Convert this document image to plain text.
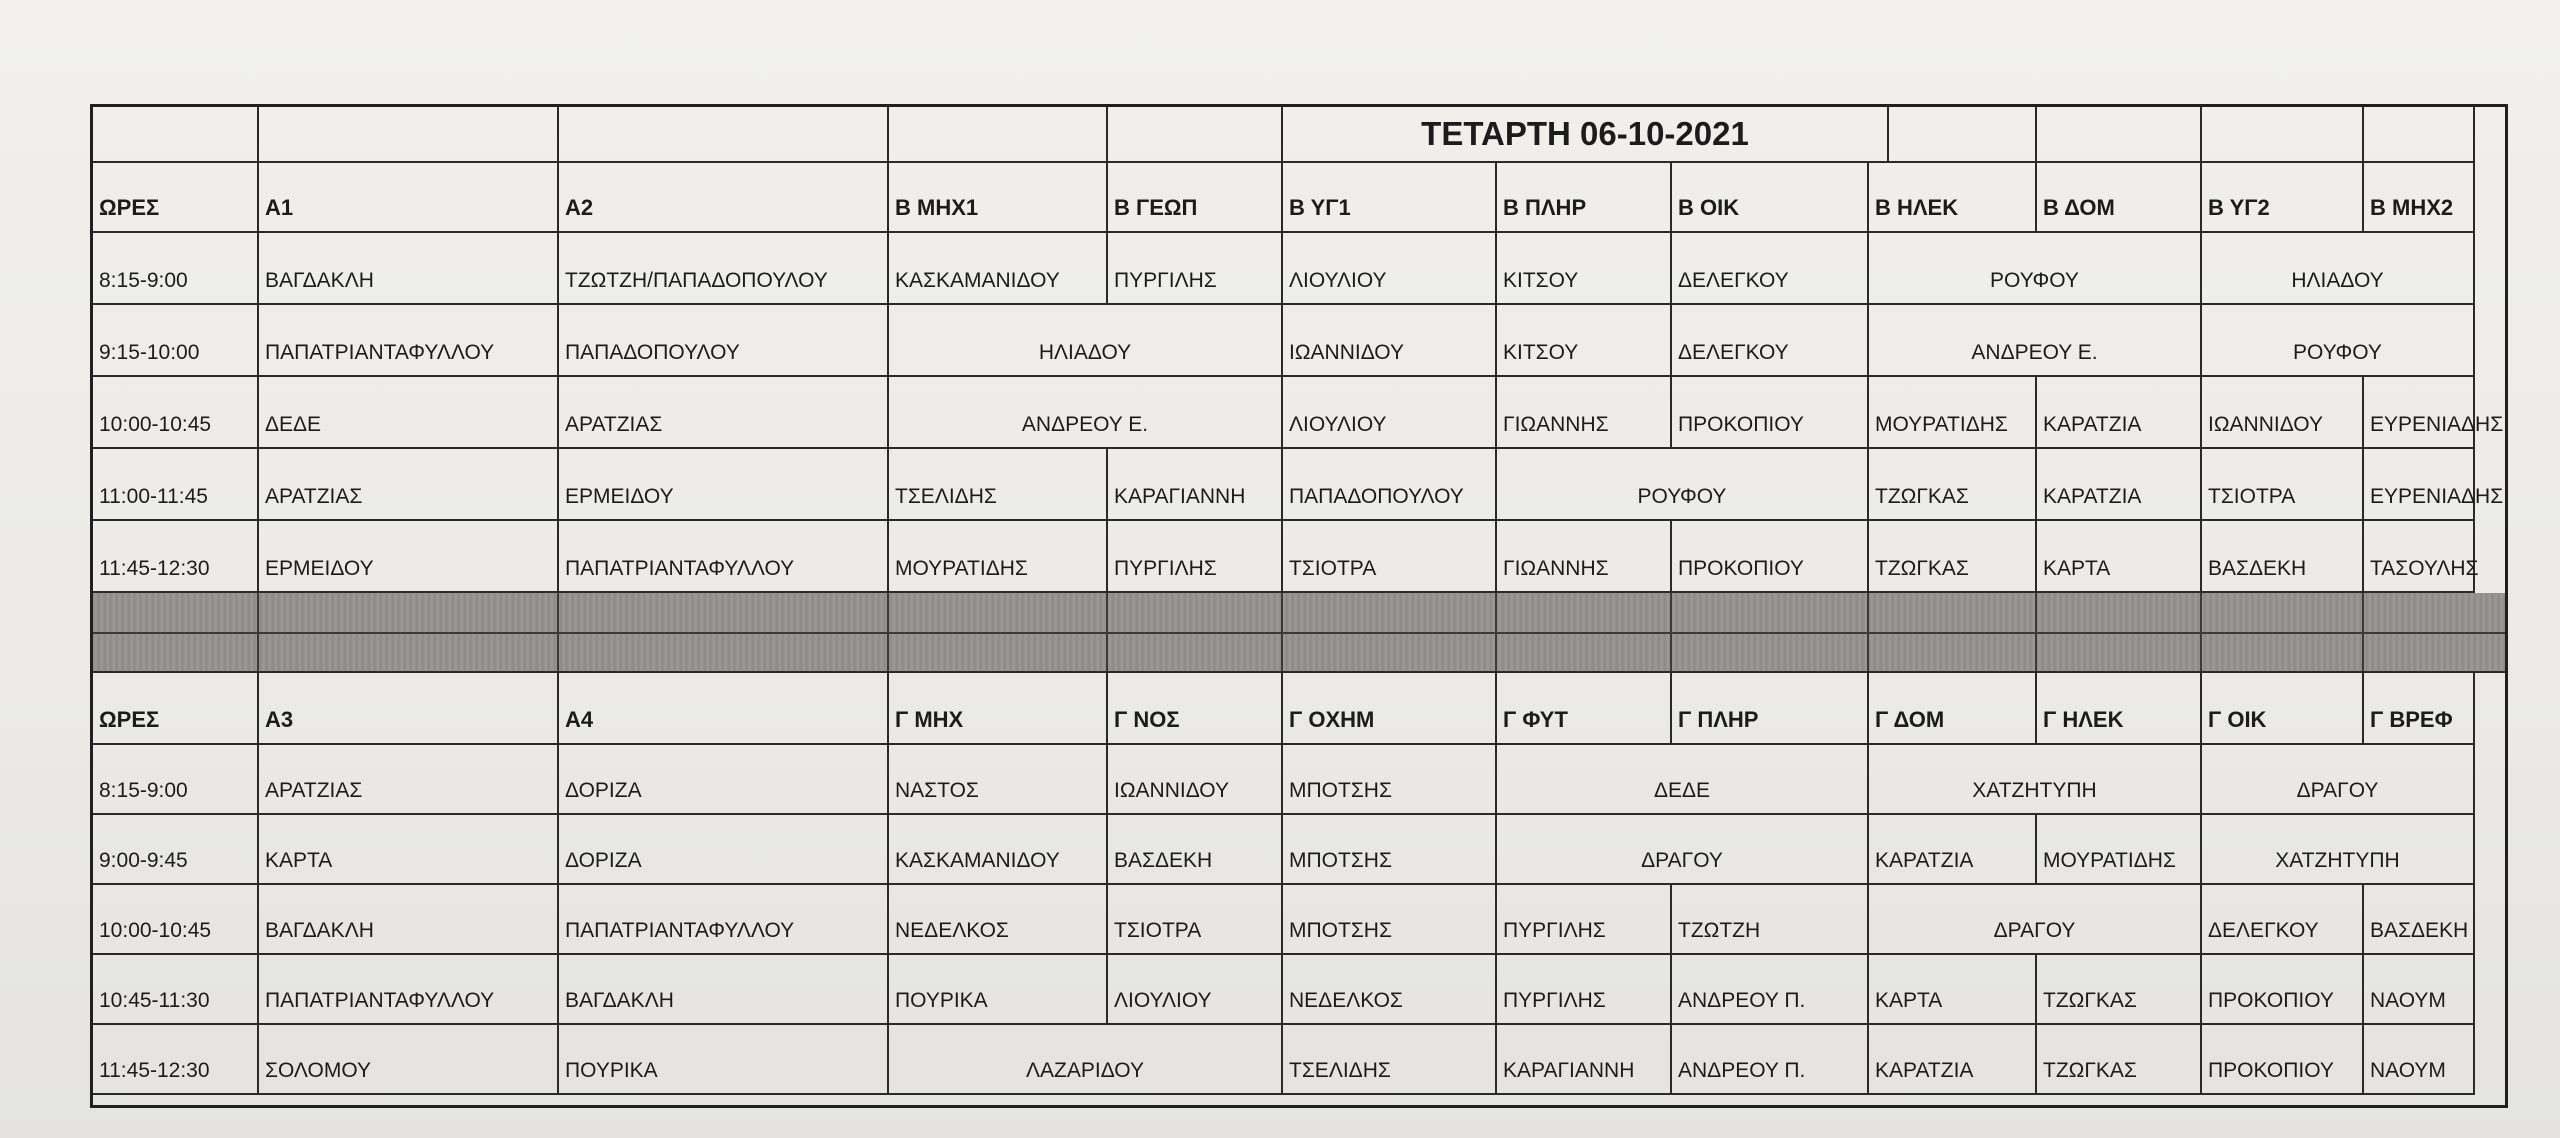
ΤΕΤΑΡΤΗ 06-10-2021
ΩΡΕΣ	Α1	Α2	Β ΜΗΧ1	Β ΓΕΩΠ	Β ΥΓ1	Β ΠΛΗΡ	Β ΟΙΚ	Β ΗΛΕΚ	Β ΔΟΜ	Β ΥΓ2	Β ΜΗΧ2
8:15-9:00	ΒΑΓΔΑΚΛΗ	ΤΖΩΤΖΗ/ΠΑΠΑΔΟΠΟΥΛΟΥ	ΚΑΣΚΑΜΑΝΙΔΟΥ	ΠΥΡΓΙΛΗΣ	ΛΙΟΥΛΙΟΥ	ΚΙΤΣΟΥ	ΔΕΛΕΓΚΟΥ	ΡΟΥΦΟΥ	ΗΛΙΑΔΟΥ
9:15-10:00	ΠΑΠΑΤΡΙΑΝΤΑΦΥΛΛΟΥ	ΠΑΠΑΔΟΠΟΥΛΟΥ	ΗΛΙΑΔΟΥ	ΙΩΑΝΝΙΔΟΥ	ΚΙΤΣΟΥ	ΔΕΛΕΓΚΟΥ	ΑΝΔΡΕΟΥ Ε.	ΡΟΥΦΟΥ
10:00-10:45	ΔΕΔΕ	ΑΡΑΤΖΙΑΣ	ΑΝΔΡΕΟΥ Ε.	ΛΙΟΥΛΙΟΥ	ΓΙΩΑΝΝΗΣ	ΠΡΟΚΟΠΙΟΥ	ΜΟΥΡΑΤΙΔΗΣ	ΚΑΡΑΤΖΙΑ	ΙΩΑΝΝΙΔΟΥ	ΕΥΡΕΝΙΑΔΗΣ
11:00-11:45	ΑΡΑΤΖΙΑΣ	ΕΡΜΕΙΔΟΥ	ΤΣΕΛΙΔΗΣ	ΚΑΡΑΓΙΑΝΝΗ	ΠΑΠΑΔΟΠΟΥΛΟΥ	ΡΟΥΦΟΥ	ΤΖΩΓΚΑΣ	ΚΑΡΑΤΖΙΑ	ΤΣΙΟΤΡΑ	ΕΥΡΕΝΙΑΔΗΣ
11:45-12:30	ΕΡΜΕΙΔΟΥ	ΠΑΠΑΤΡΙΑΝΤΑΦΥΛΛΟΥ	ΜΟΥΡΑΤΙΔΗΣ	ΠΥΡΓΙΛΗΣ	ΤΣΙΟΤΡΑ	ΓΙΩΑΝΝΗΣ	ΠΡΟΚΟΠΙΟΥ	ΤΖΩΓΚΑΣ	ΚΑΡΤΑ	ΒΑΣΔΕΚΗ	ΤΑΣΟΥΛΗΣ
ΩΡΕΣ	Α3	Α4	Γ ΜΗΧ	Γ ΝΟΣ	Γ ΟΧΗΜ	Γ ΦΥΤ	Γ ΠΛΗΡ	Γ ΔΟΜ	Γ ΗΛΕΚ	Γ ΟΙΚ	Γ ΒΡΕΦ
8:15-9:00	ΑΡΑΤΖΙΑΣ	ΔΟΡΙΖΑ	ΝΑΣΤΟΣ	ΙΩΑΝΝΙΔΟΥ	ΜΠΟΤΣΗΣ	ΔΕΔΕ	ΧΑΤΖΗΤΥΠΗ	ΔΡΑΓΟΥ
9:00-9:45	ΚΑΡΤΑ	ΔΟΡΙΖΑ	ΚΑΣΚΑΜΑΝΙΔΟΥ	ΒΑΣΔΕΚΗ	ΜΠΟΤΣΗΣ	ΔΡΑΓΟΥ	ΚΑΡΑΤΖΙΑ	ΜΟΥΡΑΤΙΔΗΣ	ΧΑΤΖΗΤΥΠΗ
10:00-10:45	ΒΑΓΔΑΚΛΗ	ΠΑΠΑΤΡΙΑΝΤΑΦΥΛΛΟΥ	ΝΕΔΕΛΚΟΣ	ΤΣΙΟΤΡΑ	ΜΠΟΤΣΗΣ	ΠΥΡΓΙΛΗΣ	ΤΖΩΤΖΗ	ΔΡΑΓΟΥ	ΔΕΛΕΓΚΟΥ	ΒΑΣΔΕΚΗ
10:45-11:30	ΠΑΠΑΤΡΙΑΝΤΑΦΥΛΛΟΥ	ΒΑΓΔΑΚΛΗ	ΠΟΥΡΙΚΑ	ΛΙΟΥΛΙΟΥ	ΝΕΔΕΛΚΟΣ	ΠΥΡΓΙΛΗΣ	ΑΝΔΡΕΟΥ Π.	ΚΑΡΤΑ	ΤΖΩΓΚΑΣ	ΠΡΟΚΟΠΙΟΥ	ΝΑΟΥΜ
11:45-12:30	ΣΟΛΟΜΟΥ	ΠΟΥΡΙΚΑ	ΛΑΖΑΡΙΔΟΥ	ΤΣΕΛΙΔΗΣ	ΚΑΡΑΓΙΑΝΝΗ	ΑΝΔΡΕΟΥ Π.	ΚΑΡΑΤΖΙΑ	ΤΖΩΓΚΑΣ	ΠΡΟΚΟΠΙΟΥ	ΝΑΟΥΜ
